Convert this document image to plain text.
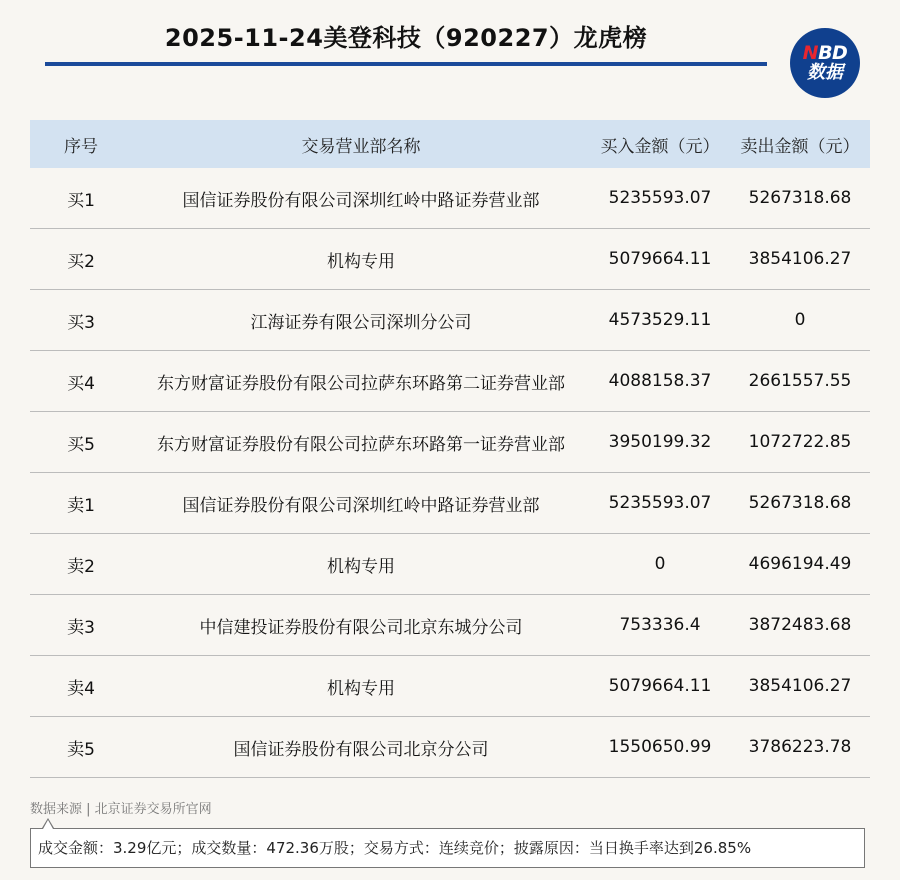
2025-11-24美登科技（920227）龙虎榜
NBD
数据
序号	交易营业部名称	买入金额（元）	卖出金额（元）
买1	国信证券股份有限公司深圳红岭中路证券营业部	5235593.07	5267318.68
买2	机构专用	5079664.11	3854106.27
买3	江海证券有限公司深圳分公司	4573529.11	0
买4	东方财富证券股份有限公司拉萨东环路第二证券营业部	4088158.37	2661557.55
买5	东方财富证券股份有限公司拉萨东环路第一证券营业部	3950199.32	1072722.85
卖1	国信证券股份有限公司深圳红岭中路证券营业部	5235593.07	5267318.68
卖2	机构专用	0	4696194.49
卖3	中信建投证券股份有限公司北京东城分公司	753336.4	3872483.68
卖4	机构专用	5079664.11	3854106.27
卖5	国信证券股份有限公司北京分公司	1550650.99	3786223.78
数据来源 | 北京证券交易所官网
成交金额：3.29亿元；成交数量：472.36万股；交易方式：连续竞价；披露原因：当日换手率达到26.85%
